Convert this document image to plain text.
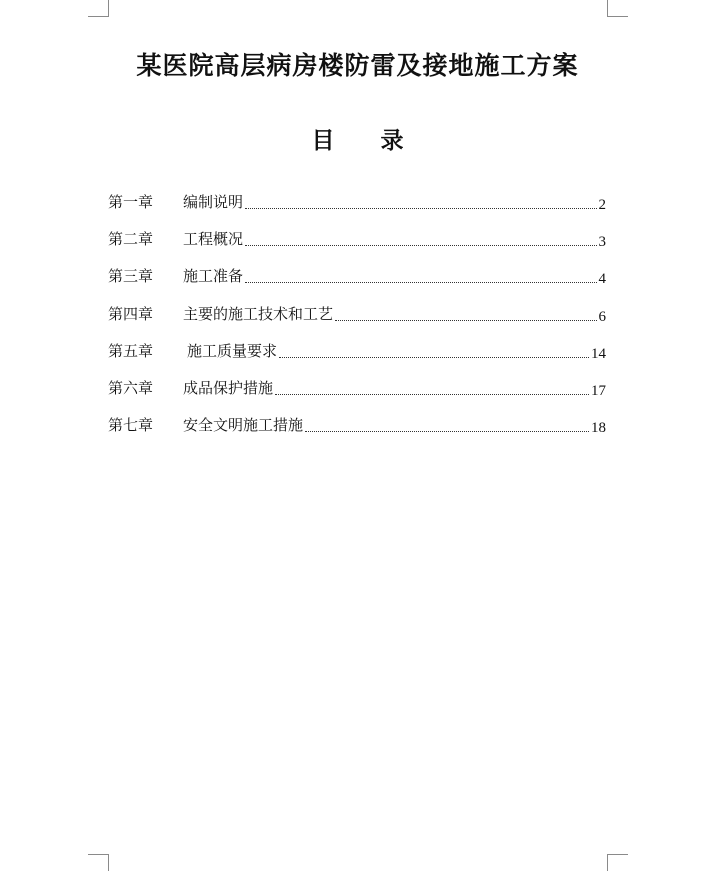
某医院高层病房楼防雷及接地施工方案
目 录
第一章	编制说明	2
第二章	工程概况	3
第三章	施工准备	4
第四章	主要的施工技术和工艺	6
第五章	施工质量要求	14
第六章	成品保护措施	17
第七章	安全文明施工措施	18
